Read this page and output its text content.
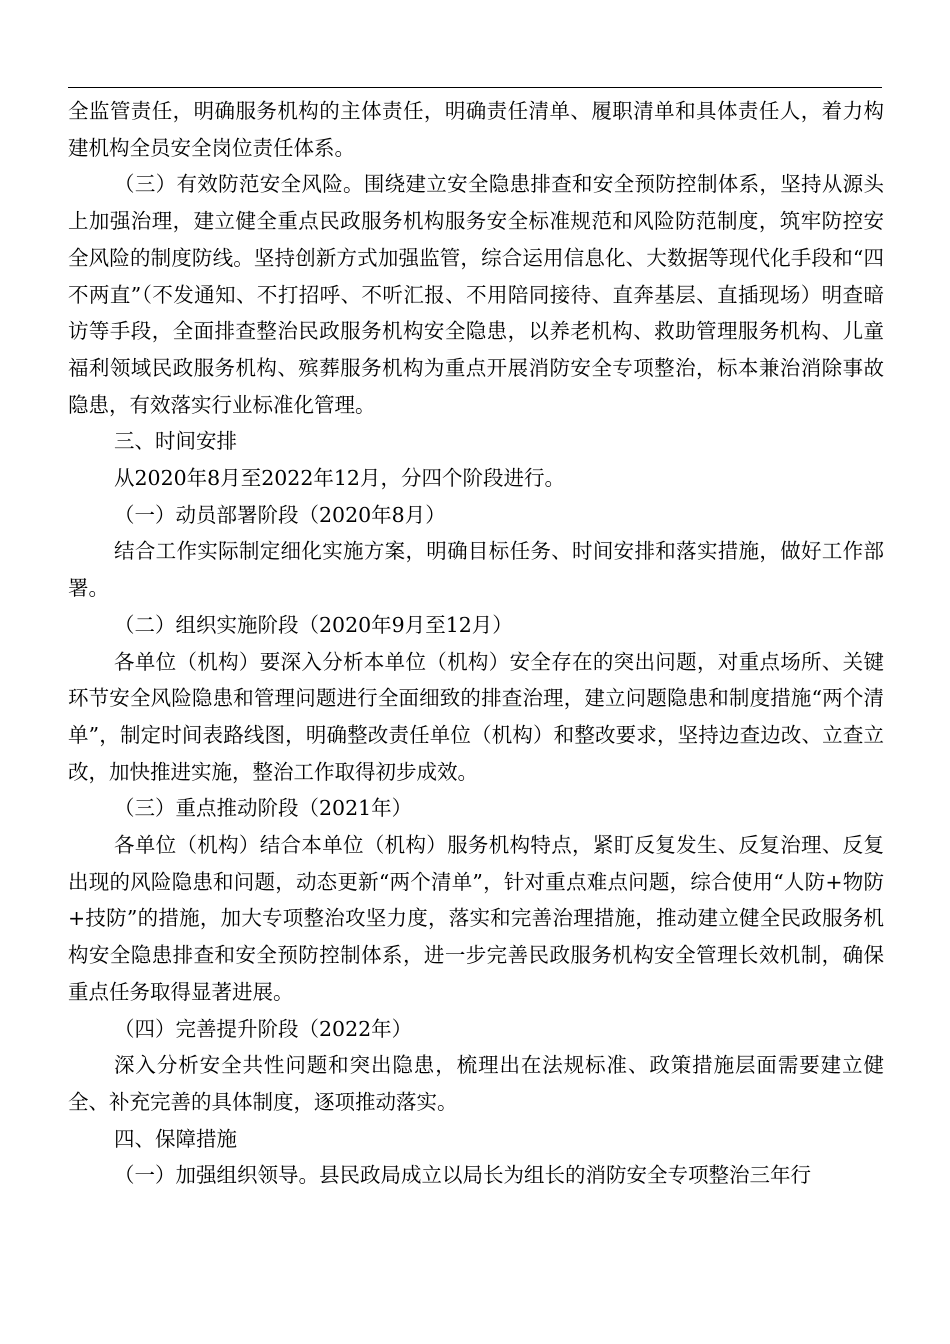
全监管责任，明确服务机构的主体责任，明确责任清单、履职清单和具体责任人，着力构建机构全员安全岗位责任体系。

（三）有效防范安全风险。围绕建立安全隐患排查和安全预防控制体系，坚持从源头上加强治理，建立健全重点民政服务机构服务安全标准规范和风险防范制度，筑牢防控安全风险的制度防线。坚持创新方式加强监管，综合运用信息化、大数据等现代化手段和“四不两直”（不发通知、不打招呼、不听汇报、不用陪同接待、直奔基层、直插现场）明查暗访等手段，全面排查整治民政服务机构安全隐患，以养老机构、救助管理服务机构、儿童福利领域民政服务机构、殡葬服务机构为重点开展消防安全专项整治，标本兼治消除事故隐患，有效落实行业标准化管理。

三、时间安排

从2020年8月至2022年12月，分四个阶段进行。

（一）动员部署阶段（2020年8月）

结合工作实际制定细化实施方案，明确目标任务、时间安排和落实措施，做好工作部署。

（二）组织实施阶段（2020年9月至12月）

各单位（机构）要深入分析本单位（机构）安全存在的突出问题，对重点场所、关键环节安全风险隐患和管理问题进行全面细致的排查治理，建立问题隐患和制度措施“两个清单”，制定时间表路线图，明确整改责任单位（机构）和整改要求，坚持边查边改、立查立改，加快推进实施，整治工作取得初步成效。

（三）重点推动阶段（2021年）

各单位（机构）结合本单位（机构）服务机构特点，紧盯反复发生、反复治理、反复出现的风险隐患和问题，动态更新“两个清单”，针对重点难点问题，综合使用“人防+物防+技防”的措施，加大专项整治攻坚力度，落实和完善治理措施，推动建立健全民政服务机构安全隐患排查和安全预防控制体系，进一步完善民政服务机构安全管理长效机制，确保重点任务取得显著进展。

（四）完善提升阶段（2022年）

深入分析安全共性问题和突出隐患，梳理出在法规标准、政策措施层面需要建立健全、补充完善的具体制度，逐项推动落实。

四、保障措施

（一）加强组织领导。县民政局成立以局长为组长的消防安全专项整治三年行
